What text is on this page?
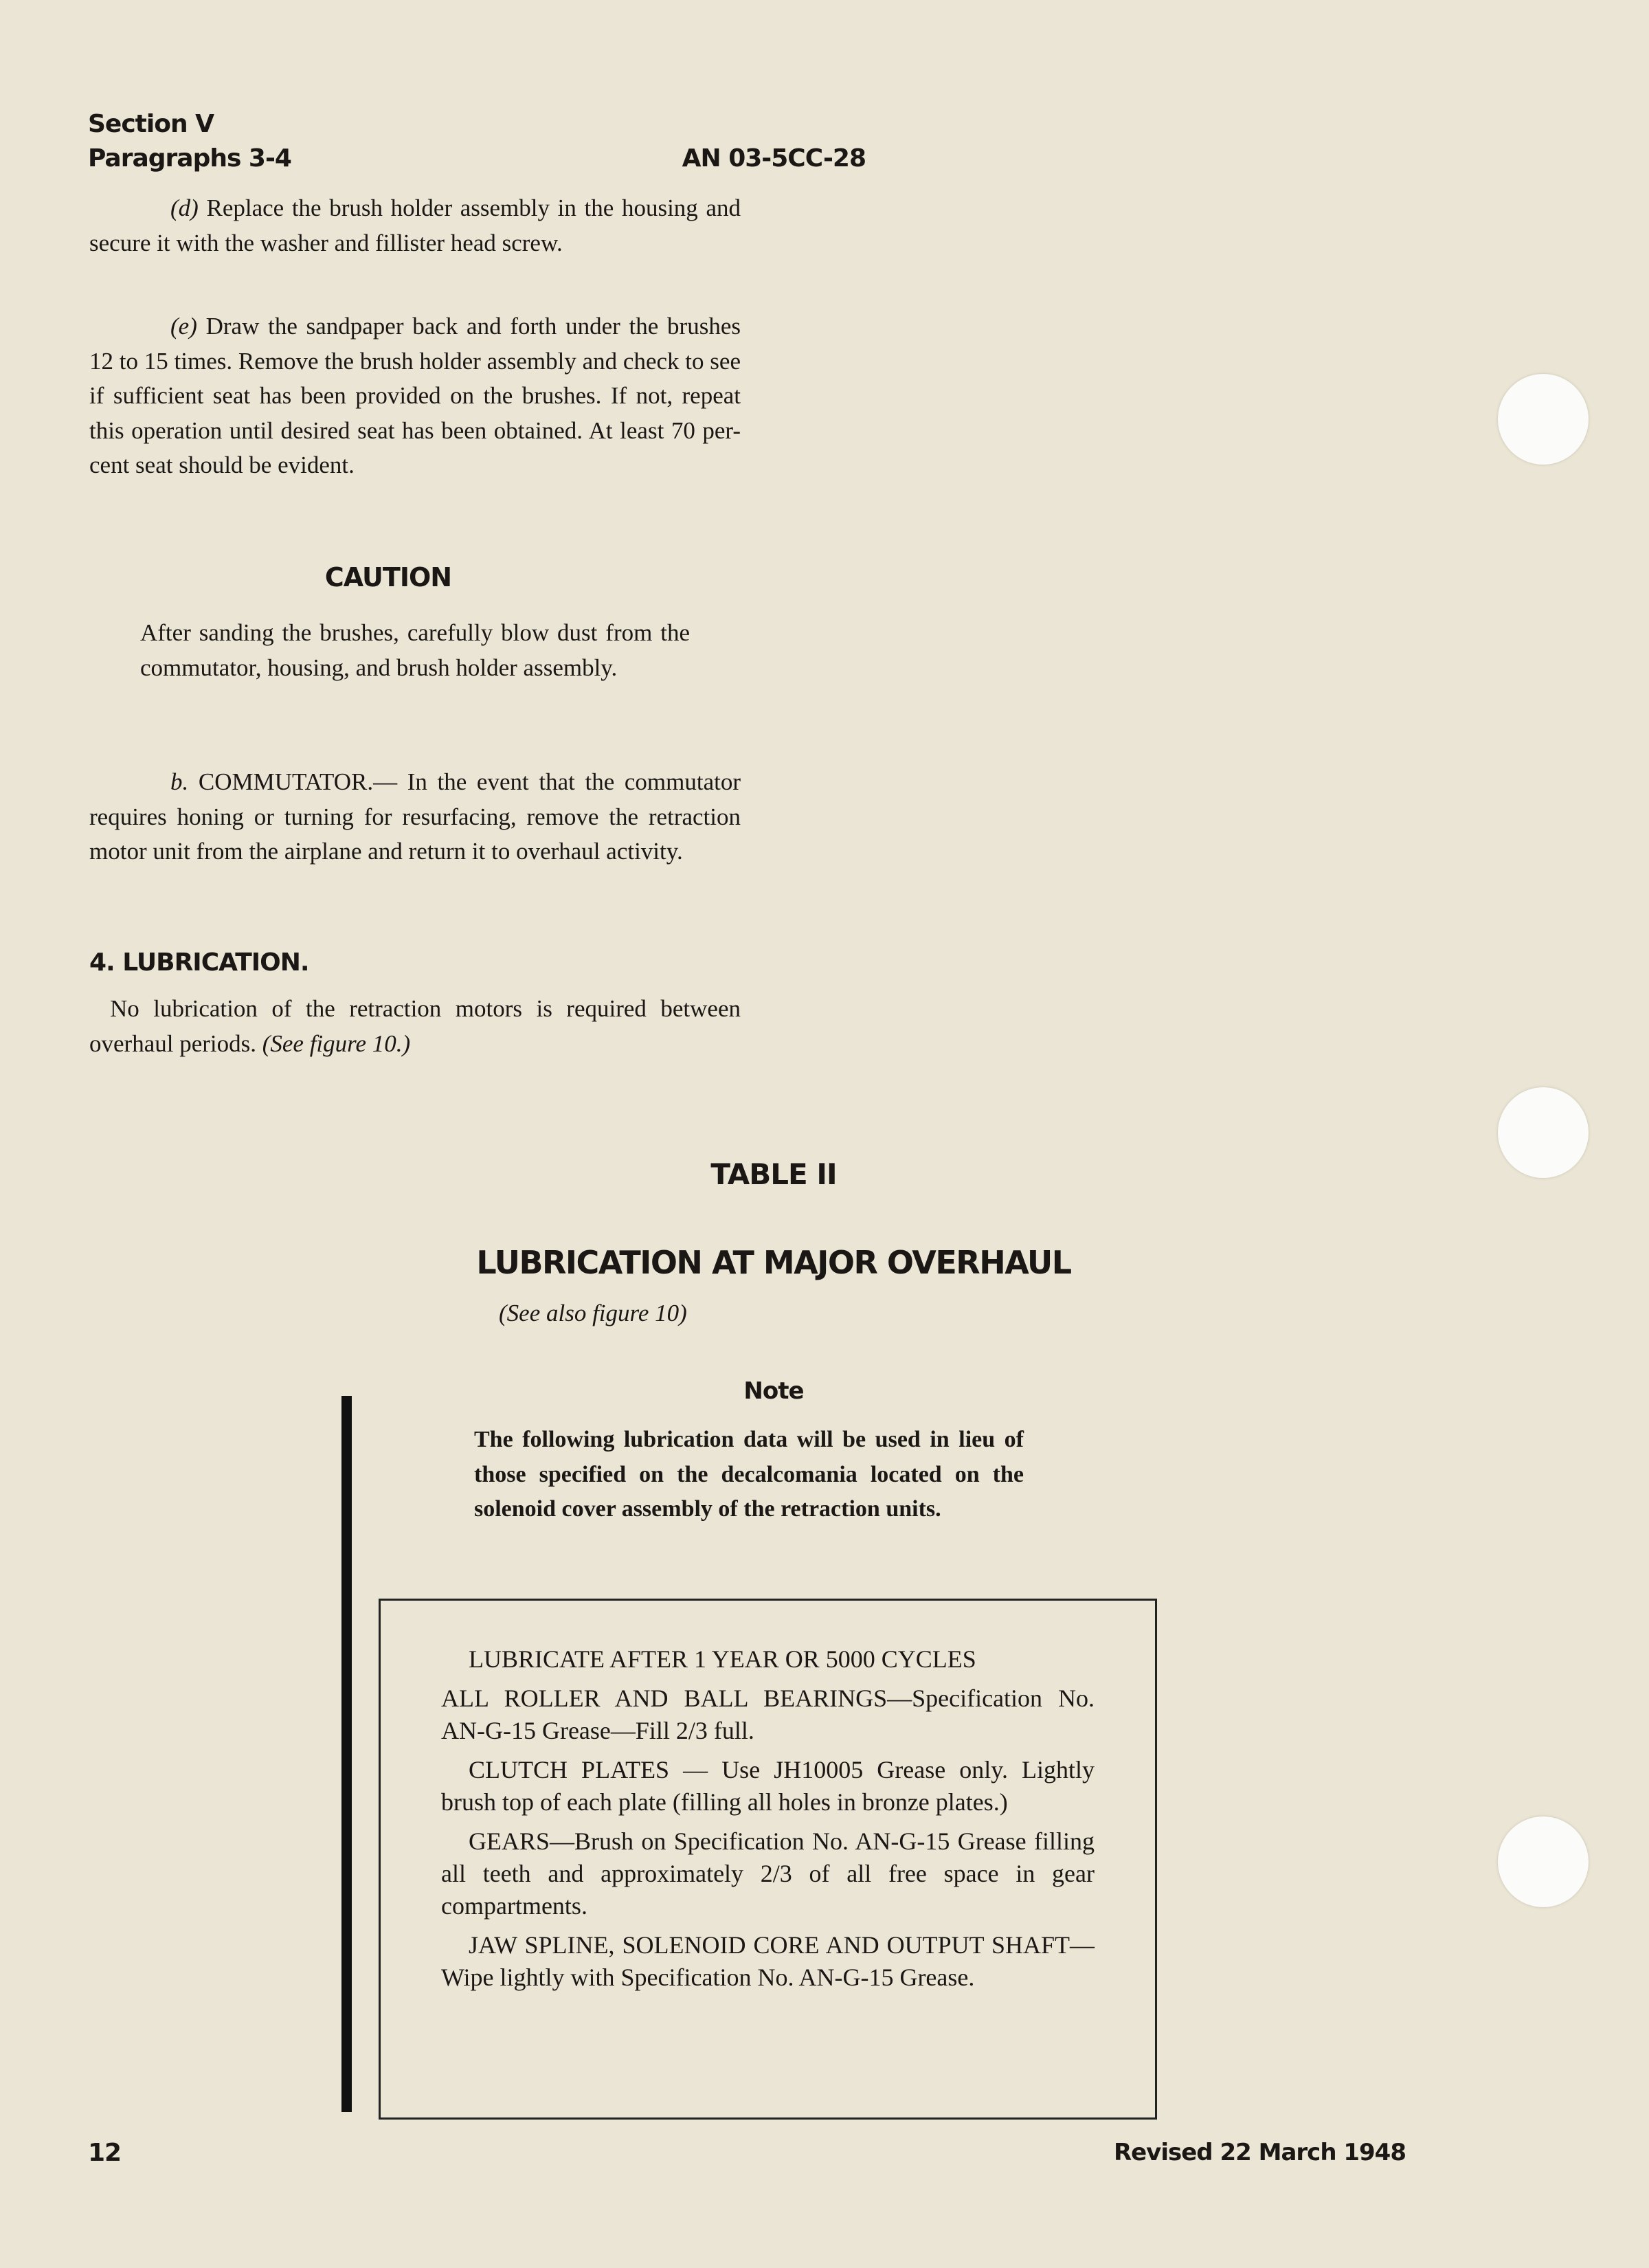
Section V
Paragraphs 3-4	AN 03-5CC-28
(d) Replace the brush holder assembly in the housing and secure it with the washer and fillister head screw.
(e) Draw the sandpaper back and forth under the brushes 12 to 15 times. Remove the brush holder assembly and check to see if sufficient seat has been provided on the brushes. If not, repeat this operation until desired seat has been obtained. At least 70 per-cent seat should be evident.
CAUTION
After sanding the brushes, carefully blow dust from the commutator, housing, and brush holder assembly.
b. COMMUTATOR.— In the event that the commutator requires honing or turning for resurfacing, remove the retraction motor unit from the airplane and return it to overhaul activity.
4. LUBRICATION.
No lubrication of the retraction motors is required between overhaul periods. (See figure 10.)
TABLE II
LUBRICATION AT MAJOR OVERHAUL
(See also figure 10)
Note
The following lubrication data will be used in lieu of those specified on the decalcomania located on the solenoid cover assembly of the retraction units.

LUBRICATE AFTER 1 YEAR OR 5000 CYCLES

ALL ROLLER AND BALL BEARINGS—Specification No. AN-G-15 Grease—Fill 2/3 full.

CLUTCH PLATES — Use JH10005 Grease only. Lightly brush top of each plate (filling all holes in bronze plates.)

GEARS—Brush on Specification No. AN-G-15 Grease filling all teeth and approximately 2/3 of all free space in gear compartments.

JAW SPLINE, SOLENOID CORE AND OUTPUT SHAFT—Wipe lightly with Specification No. AN-G-15 Grease.

12	Revised 22 March 1948
